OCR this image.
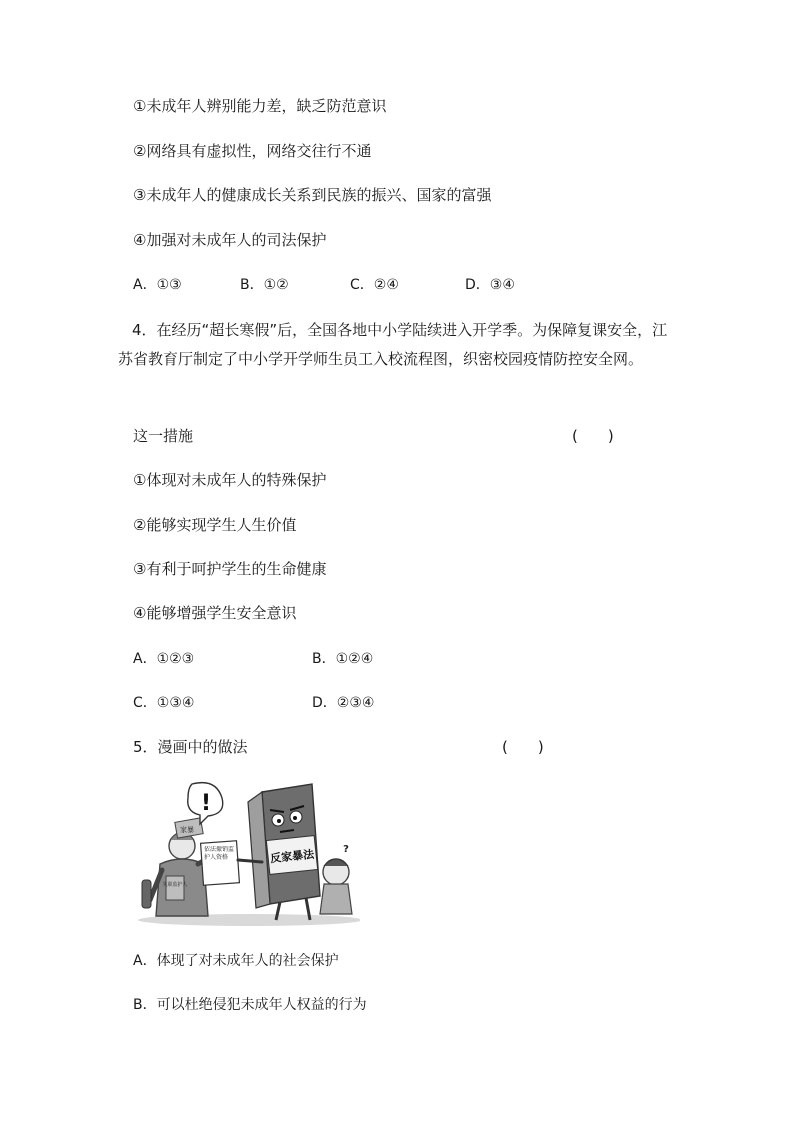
①未成年人辨别能力差，缺乏防范意识
②网络具有虚拟性，网络交往行不通
③未成年人的健康成长关系到民族的振兴、国家的富强
④加强对未成年人的司法保护
A．①③	B．①②	C．②④	D．③④
4．在经历“超长寒假”后，全国各地中小学陆续进入开学季。为保障复课安全，江苏省教育厅制定了中小学开学师生员工入校流程图，织密校园疫情防控安全网。
这一措施	(　　)
①体现对未成年人的特殊保护
②能够实现学生人生价值
③有利于呵护学生的生命健康
④能够增强学生安全意识
A．①②③	B．①②④
C．①③④	D．②③④
5．漫画中的做法	(　　)
家暴
失职监护人
!
依法撤销监护人资格	反家暴法	?
A．体现了对未成年人的社会保护
B．可以杜绝侵犯未成年人权益的行为
